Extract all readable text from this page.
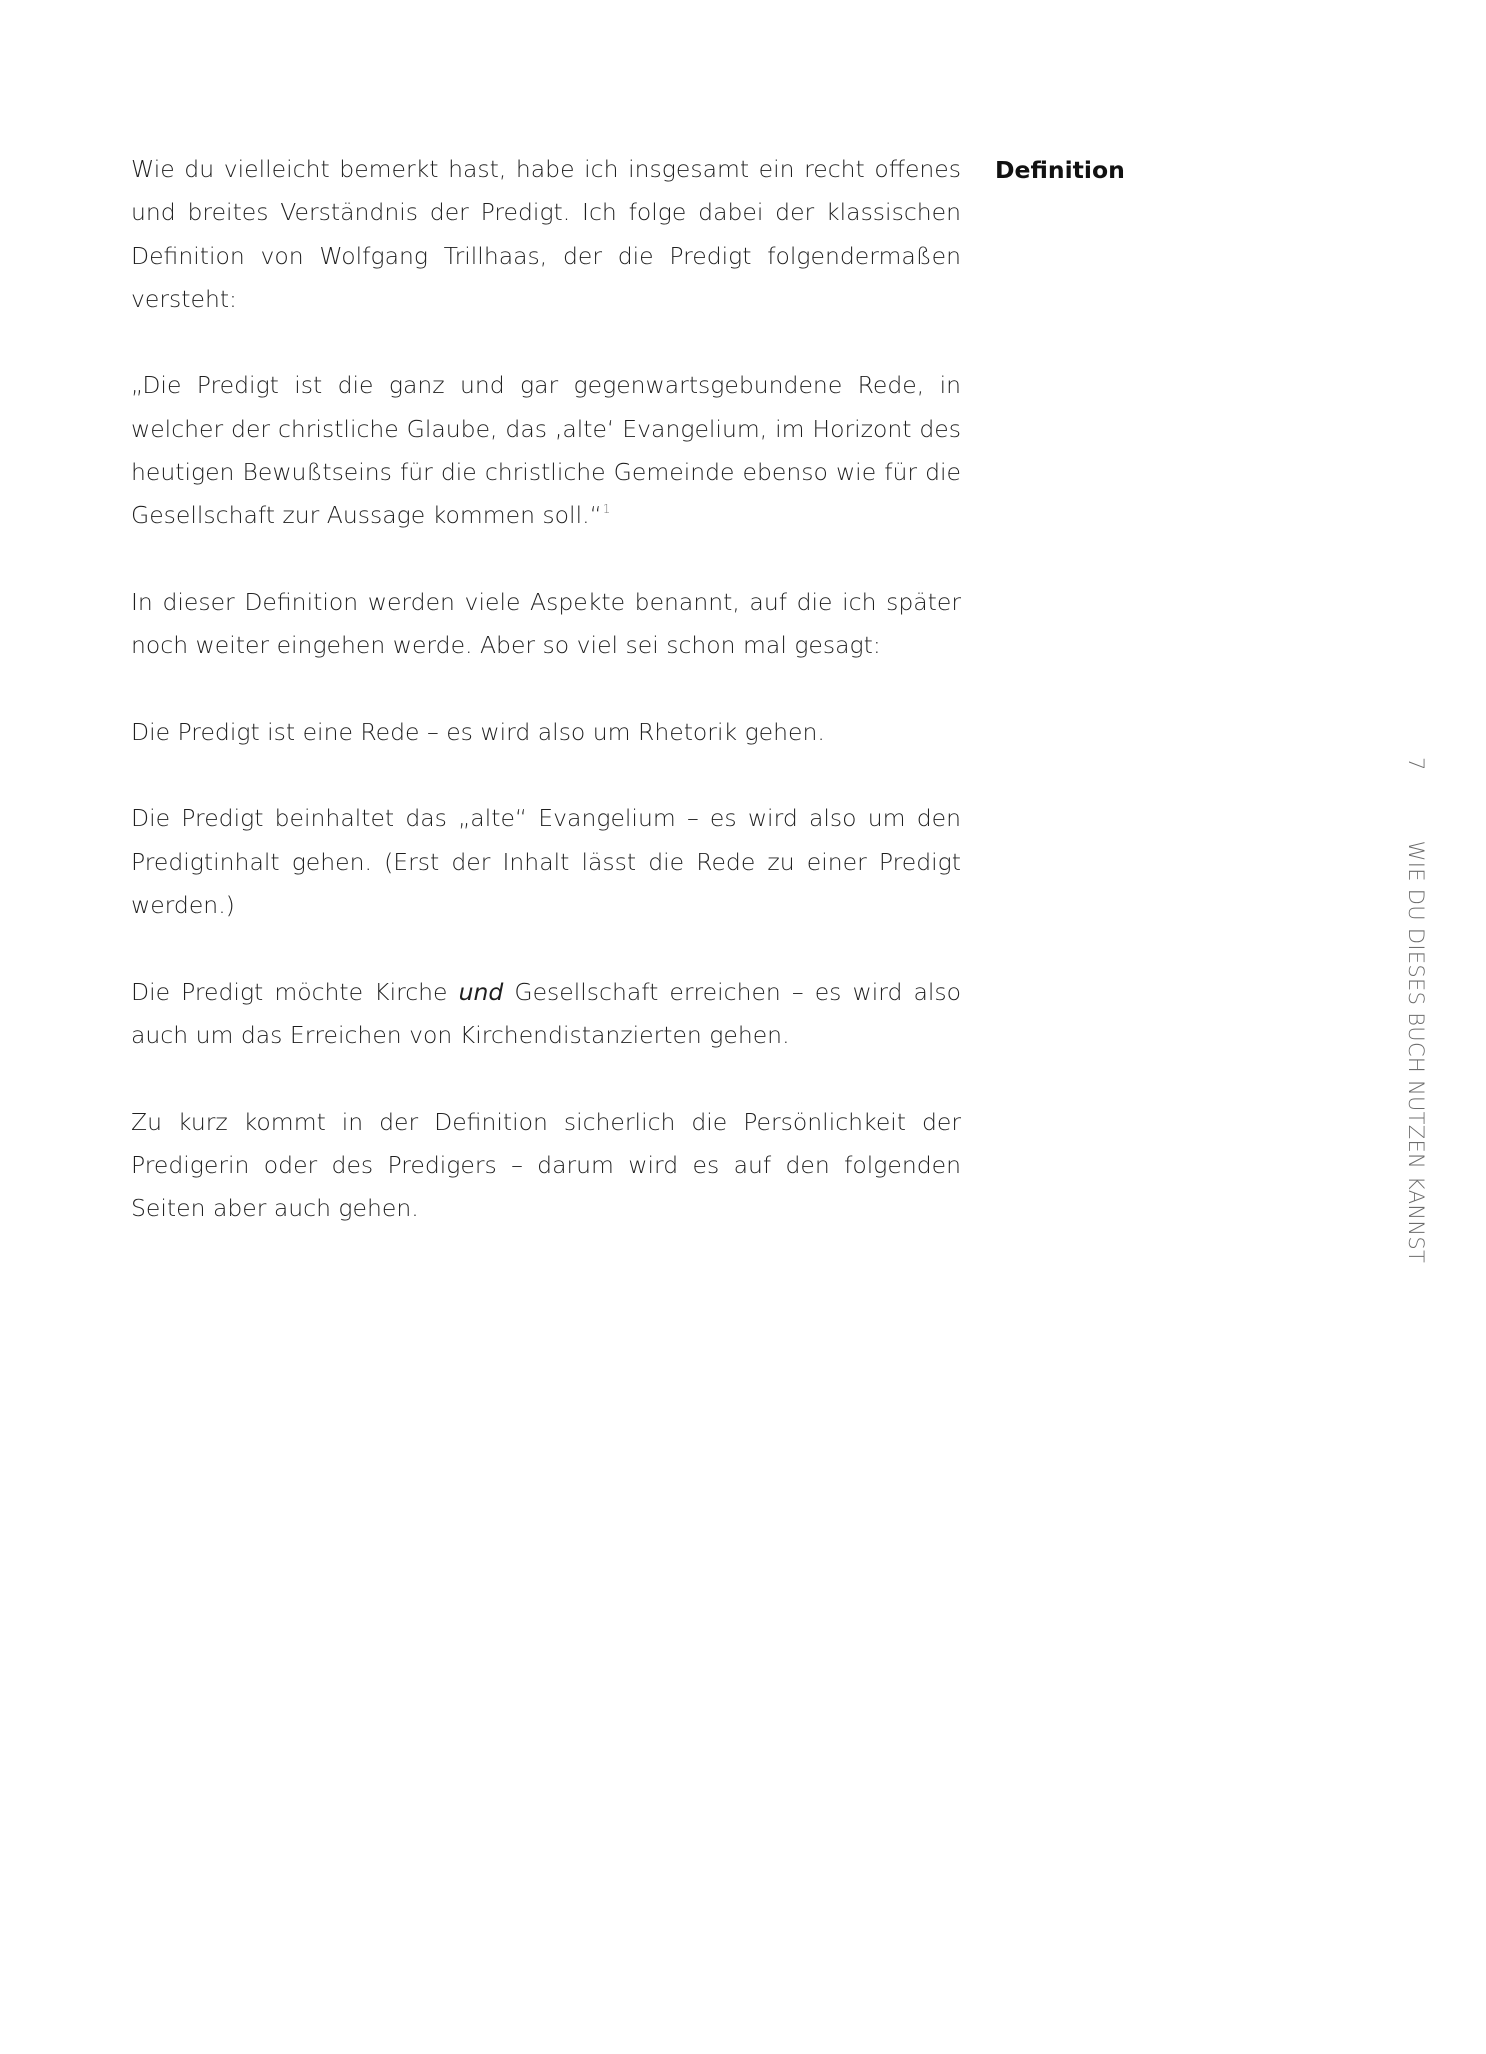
Wie du vielleicht bemerkt hast, habe ich insgesamt ein recht offenes und breites Verständnis der Predigt. Ich folge dabei der klassischen Definition von Wolfgang Trillhaas, der die Predigt folgendermaßen versteht:

„Die Predigt ist die ganz und gar gegenwartsgebundene Rede, in welcher der christliche Glaube, das ‚alte‘ Evangelium, im Horizont des heutigen Bewußtseins für die christliche Gemeinde ebenso wie für die Gesellschaft zur Aussage kommen soll.“$^1$

In dieser Definition werden viele Aspekte benannt, auf die ich später noch weiter eingehen werde. Aber so viel sei schon mal gesagt:

Die Predigt ist eine Rede – es wird also um Rhetorik gehen.

Die Predigt beinhaltet das „alte“ Evangelium – es wird also um den Predigtinhalt gehen. (Erst der Inhalt lässt die Rede zu einer Predigt werden.)

Die Predigt möchte Kirche und Gesellschaft erreichen – es wird also auch um das Erreichen von Kirchendistanzierten gehen.

Zu kurz kommt in der Definition sicherlich die Persönlichkeit der Predigerin oder des Predigers – darum wird es auf den folgenden Seiten aber auch gehen.

Definition
7WIE DU DIESES BUCH NUTZEN KANNST
